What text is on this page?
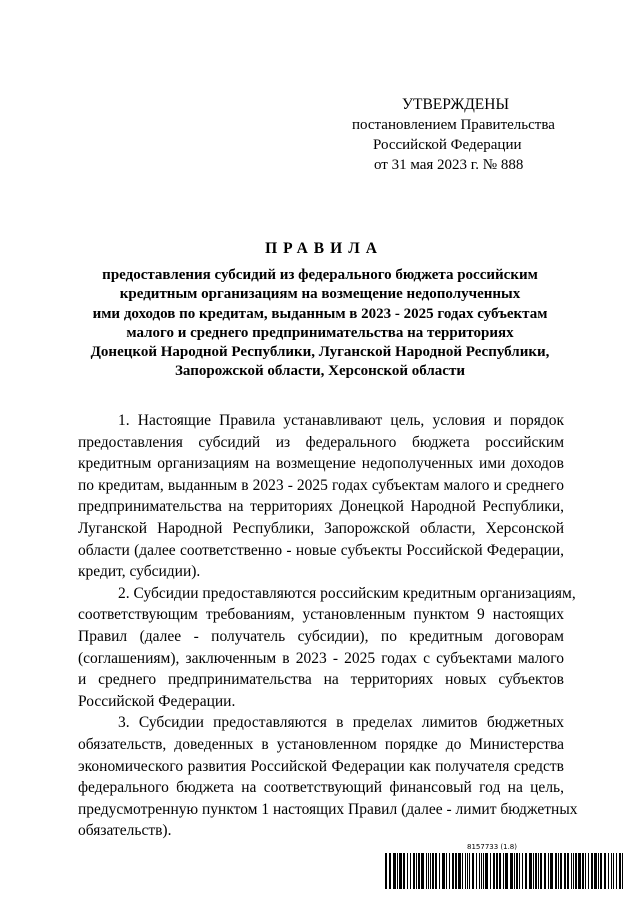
УТВЕРЖДЕНЫ
постановлением Правительства
Российской Федерации
от 31 мая 2023 г. № 888
ПРАВИЛА
предоставления субсидий из федерального бюджета российским
кредитным организациям на возмещение недополученных
ими доходов по кредитам, выданным в 2023 - 2025 годах субъектам
малого и среднего предпринимательства на территориях
Донецкой Народной Республики, Луганской Народной Республики,
Запорожской области, Херсонской области
1. Настоящие Правила устанавливают цель, условия и порядок
предоставления субсидий из федерального бюджета российским
кредитным организациям на возмещение недополученных ими доходов
по кредитам, выданным в 2023 - 2025 годах субъектам малого и среднего
предпринимательства на территориях Донецкой Народной Республики,
Луганской Народной Республики, Запорожской области, Херсонской
области (далее соответственно - новые субъекты Российской Федерации,
кредит, субсидии).
2. Субсидии предоставляются российским кредитным организациям,
соответствующим требованиям, установленным пунктом 9 настоящих
Правил (далее - получатель субсидии), по кредитным договорам
(соглашениям), заключенным в 2023 - 2025 годах с субъектами малого
и среднего предпринимательства на территориях новых субъектов
Российской Федерации.
3. Субсидии предоставляются в пределах лимитов бюджетных
обязательств, доведенных в установленном порядке до Министерства
экономического развития Российской Федерации как получателя средств
федерального бюджета на соответствующий финансовый год на цель,
предусмотренную пунктом 1 настоящих Правил (далее - лимит бюджетных
обязательств).
8157733 (1.8)
